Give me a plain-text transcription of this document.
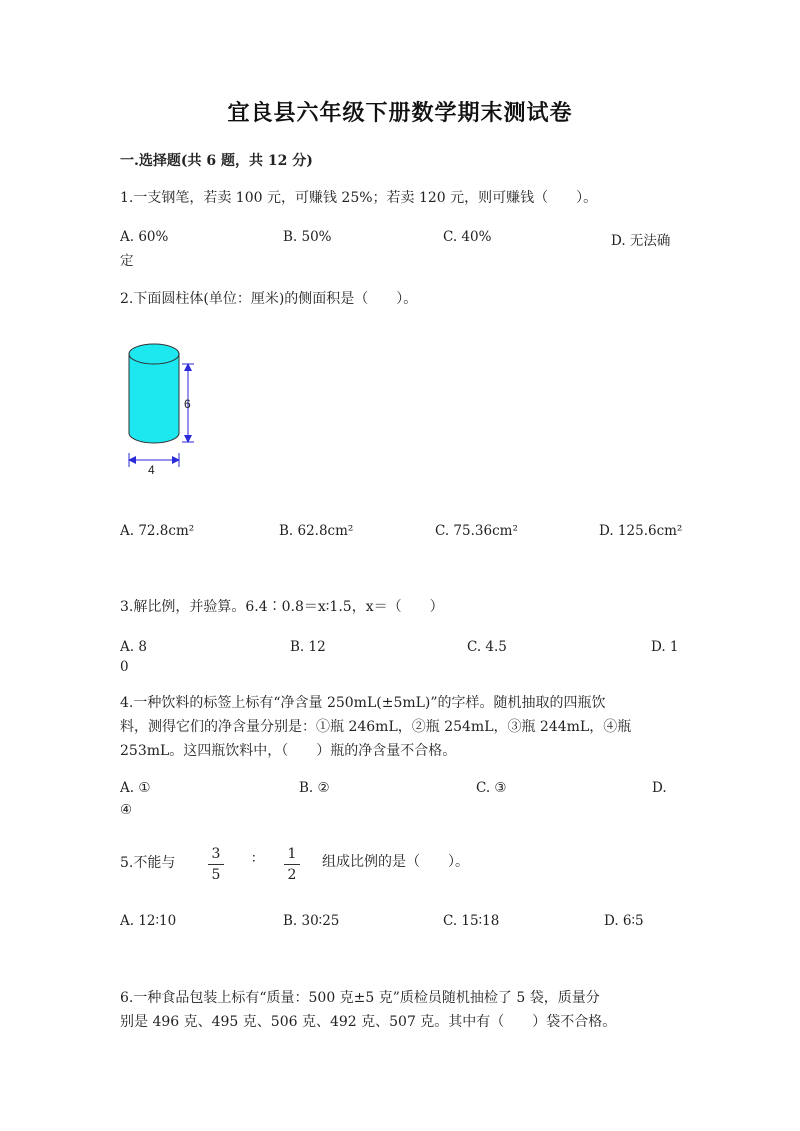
宜良县六年级下册数学期末测试卷
一.选择题(共 6 题，共 12 分)
1.一支钢笔，若卖 100 元，可赚钱 25%；若卖 120 元，则可赚钱（　　）。
A. 60%	B. 50%	C. 40%	D. 无法确
定
2.下面圆柱体(单位：厘米)的侧面积是（　　）。
6
4
A. 72.8cm²	B. 62.8cm²	C. 75.36cm²	D. 125.6cm²
3.解比例，并验算。6.4∶0.8＝x∶1.5，x＝（　　）
A. 8	B. 12	C. 4.5	D. 1
0
4.一种饮料的标签上标有“净含量 250mL(±5mL)”的字样。随机抽取的四瓶饮
料，测得它们的净含量分别是：①瓶 246mL，②瓶 254mL，③瓶 244mL，④瓶
253mL。这四瓶饮料中，（　　）瓶的净含量不合格。
A. ①	B. ②	C. ③	D.
④
5.不能与
3
5
∶	1
2
组成比例的是（　　）。
A. 12∶10	B. 30∶25	C. 15∶18	D. 6∶5
6.一种食品包装上标有“质量：500 克±5 克”质检员随机抽检了 5 袋，质量分
别是 496 克、495 克、506 克、492 克、507 克。其中有（　　）袋不合格。
